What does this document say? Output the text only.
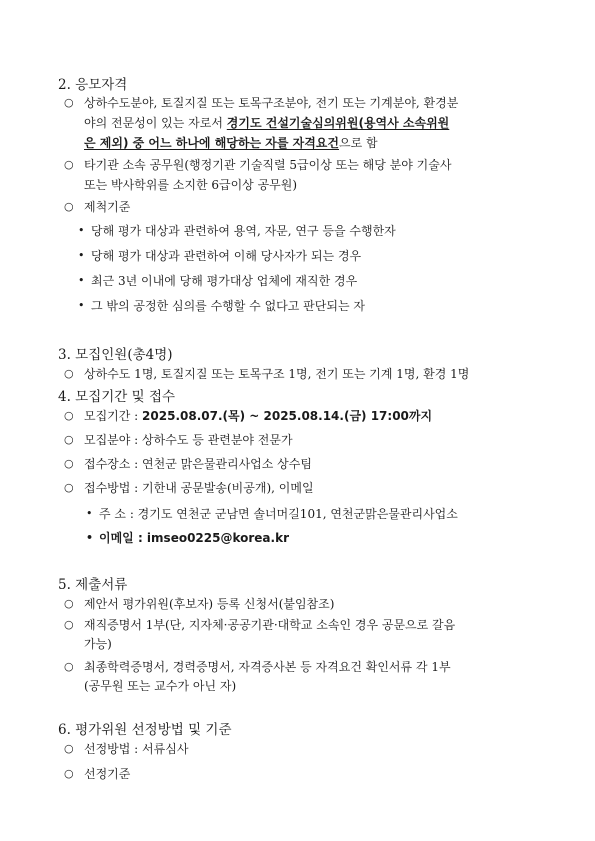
2. 응모자격
○ 상하수도분야, 토질지질 또는 토목구조분야, 전기 또는 기계분야, 환경분
야의 전문성이 있는 자로서 경기도 건설기술심의위원(용역사 소속위원
은 제외) 중 어느 하나에 해당하는 자를 자격요건으로 함
○ 타기관 소속 공무원(행정기관 기술직렬 5급이상 또는 해당 분야 기술사
또는 박사학위를 소지한 6급이상 공무원)
○ 제척기준
• 당해 평가 대상과 관련하여 용역, 자문, 연구 등을 수행한자
• 당해 평가 대상과 관련하여 이해 당사자가 되는 경우
• 최근 3년 이내에 당해 평가대상 업체에 재직한 경우
• 그 밖의 공정한 심의를 수행할 수 없다고 판단되는 자
3. 모집인원(총4명)
○ 상하수도 1명, 토질지질 또는 토목구조 1명, 전기 또는 기계 1명, 환경 1명
4. 모집기간 및 접수
○ 모집기간 : 2025.08.07.(목) ~ 2025.08.14.(금) 17:00까지
○ 모집분야 : 상하수도 등 관련분야 전문가
○ 접수장소 : 연천군 맑은물관리사업소 상수팀
○ 접수방법 : 기한내 공문발송(비공개), 이메일
• 주 소 : 경기도 연천군 군남면 솔너머길101, 연천군맑은물관리사업소
• 이메일 : imseo0225@korea.kr
5. 제출서류
○ 제안서 평가위원(후보자) 등록 신청서(붙임참조)
○ 재직증명서 1부(단, 지자체·공공기관·대학교 소속인 경우 공문으로 갈음
가능)
○ 최종학력증명서, 경력증명서, 자격증사본 등 자격요건 확인서류 각 1부
(공무원 또는 교수가 아닌 자)
6. 평가위원 선정방법 및 기준
○ 선정방법 : 서류심사
○ 선정기준
